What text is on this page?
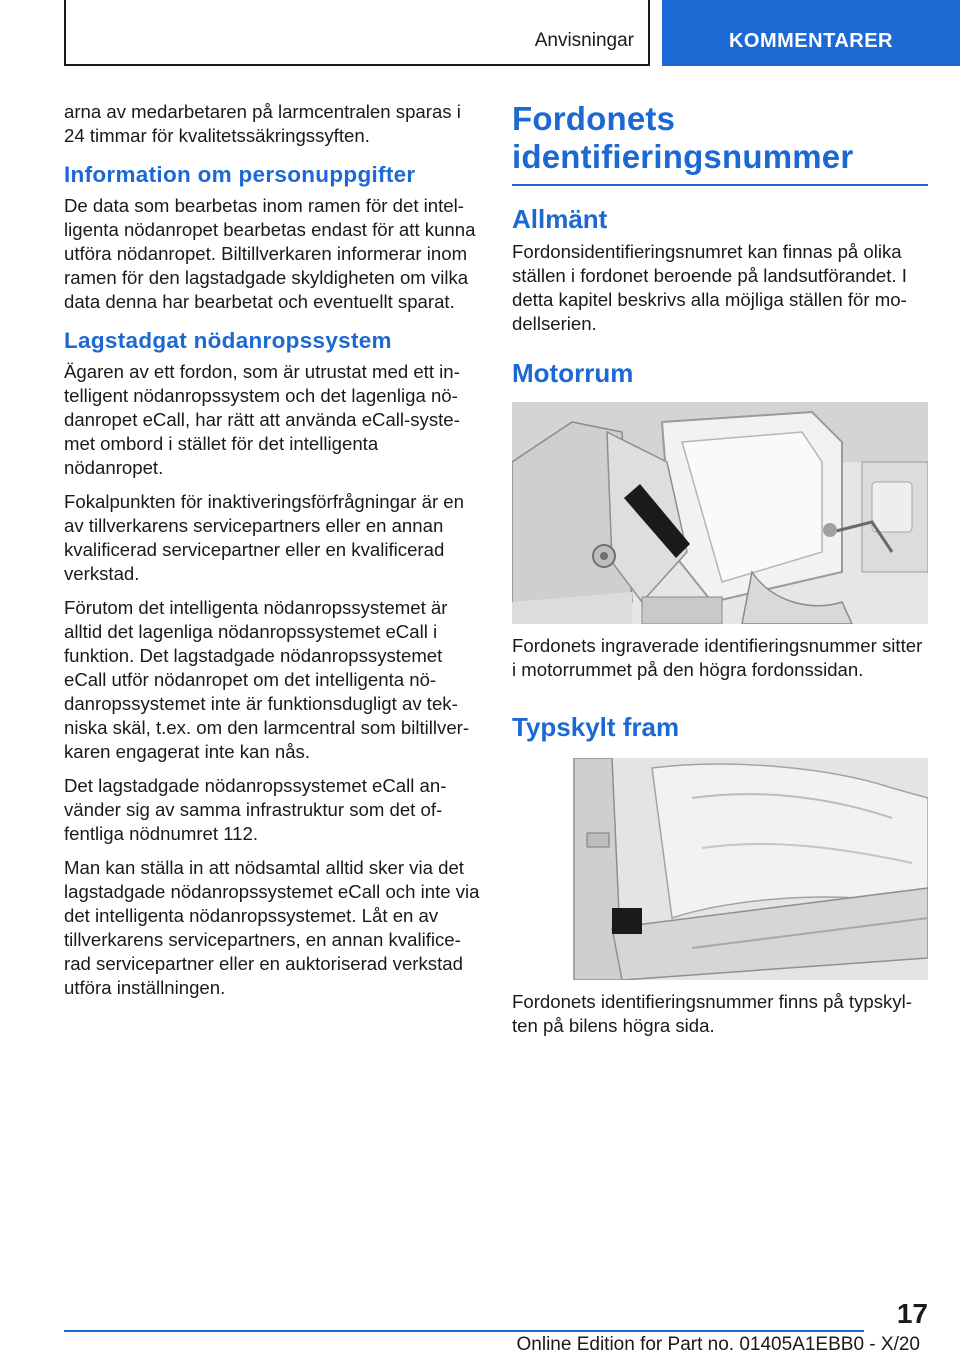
Anvisningar	KOMMENTARER

arna av medarbetaren på larmcentralen sparas i 24 timmar för kvalitetssäkringssyften.

Information om personuppgifter

De data som bearbetas inom ramen för det intelligenta nödanropet bearbetas endast för att kunna utföra nödanropet. Biltillverkaren informerar inom ramen för den lagstadgade skyldigheten om vilka data denna har bearbetat och eventuellt sparat.

Lagstadgat nödanropssystem

Ägaren av ett fordon, som är utrustat med ett intelligent nödanropssystem och det lagenliga nödanropet eCall, har rätt att använda eCall-systemet ombord i stället för det intelligenta nödanropet.

Fokalpunkten för inaktiveringsförfrågningar är en av tillverkarens servicepartners eller en annan kvalificerad servicepartner eller en kvalificerad verkstad.

Förutom det intelligenta nödanropssystemet är alltid det lagenliga nödanropssystemet eCall i funktion. Det lagstadgade nödanropssystemet eCall utför nödanropet om det intelligenta nödanropssystemet inte är funktionsdugligt av tekniska skäl, t.ex. om den larmcentral som biltillverkaren engagerat inte kan nås.

Det lagstadgade nödanropssystemet eCall använder sig av samma infrastruktur som det offentliga nödnumret 112.

Man kan ställa in att nödsamtal alltid sker via det lagstadgade nödanropssystemet eCall och inte via det intelligenta nödanropssystemet. Låt en av tillverkarens servicepartners, en annan kvalificerad servicepartner eller en auktoriserad verkstad utföra inställningen.

Fordonets identifieringsnummer
Allmänt

Fordonsidentifieringsnumret kan finnas på olika ställen i fordonet beroende på landsutförandet. I detta kapitel beskrivs alla möjliga ställen för modellserien.

Motorrum

Fordonets ingraverade identifieringsnummer sitter i motorrummet på den högra fordonssidan.

Typskylt fram

Fordonets identifieringsnummer finns på typskylten på bilens högra sida.

17
Online Edition for Part no. 01405A1EBB0 - X/20
